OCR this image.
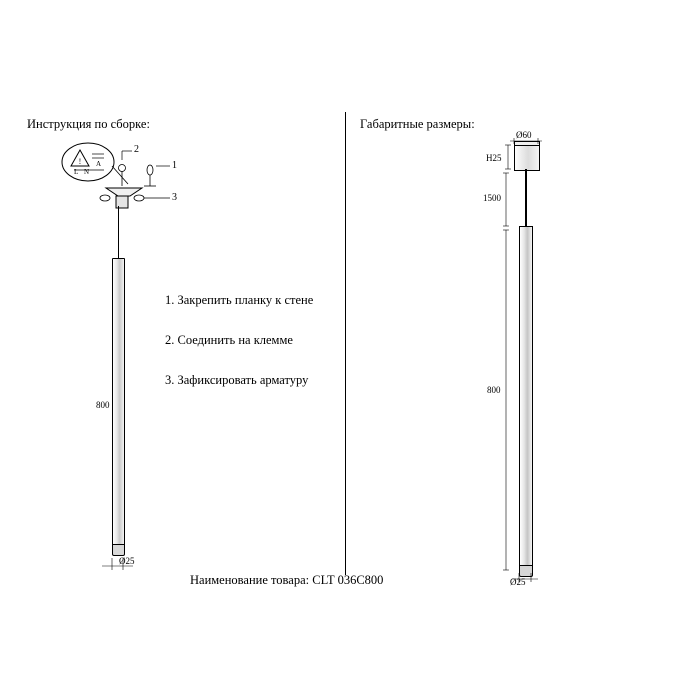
Инструкция по сборке:	Габаритные размеры:
! A
L N
2
1
3
800
Ø25
1. Закрепить планку к стене
2. Соединить на клемме
3. Зафиксировать арматуру
Ø60
H25
1500
800
Ø25
Наименование товара: CLT 036C800
